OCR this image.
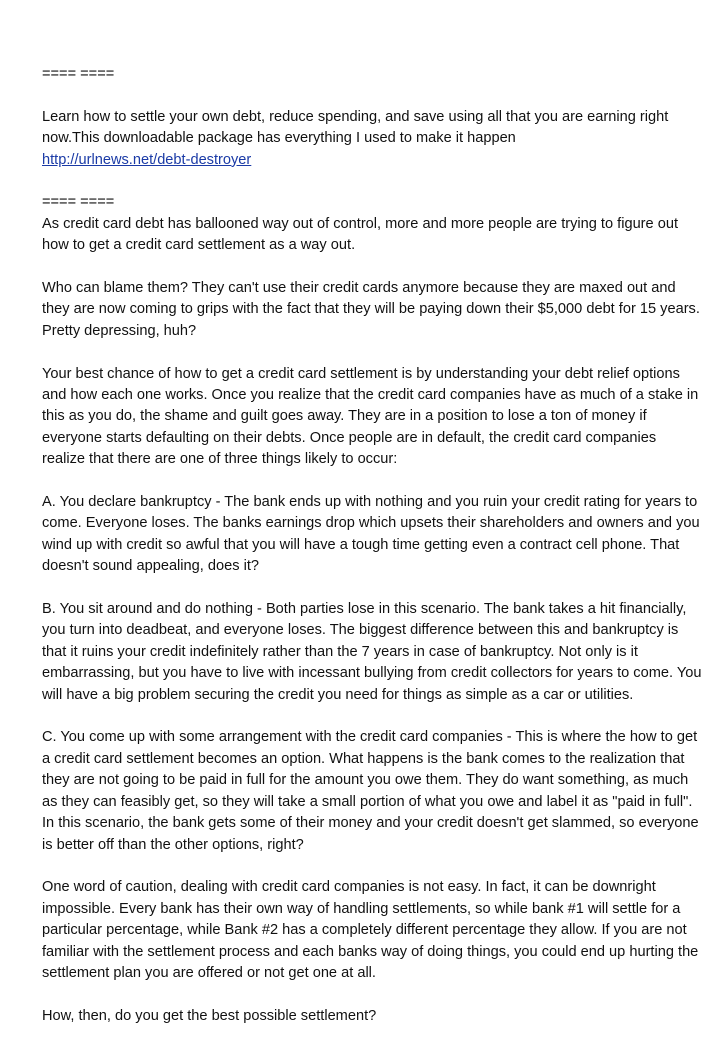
==== ====

Learn how to settle your own debt, reduce spending, and save using all that you are earning right now.This downloadable package has everything I used to make it happen
http://urlnews.net/debt-destroyer

==== ====
As credit card debt has ballooned way out of control, more and more people are trying to figure out how to get a credit card settlement as a way out.

Who can blame them? They can't use their credit cards anymore because they are maxed out and they are now coming to grips with the fact that they will be paying down their $5,000 debt for 15 years. Pretty depressing, huh?

Your best chance of how to get a credit card settlement is by understanding your debt relief options and how each one works. Once you realize that the credit card companies have as much of a stake in this as you do, the shame and guilt goes away. They are in a position to lose a ton of money if everyone starts defaulting on their debts. Once people are in default, the credit card companies realize that there are one of three things likely to occur:

A. You declare bankruptcy - The bank ends up with nothing and you ruin your credit rating for years to come. Everyone loses. The banks earnings drop which upsets their shareholders and owners and you wind up with credit so awful that you will have a tough time getting even a contract cell phone. That doesn't sound appealing, does it?

B. You sit around and do nothing - Both parties lose in this scenario. The bank takes a hit financially, you turn into deadbeat, and everyone loses. The biggest difference between this and bankruptcy is that it ruins your credit indefinitely rather than the 7 years in case of bankruptcy. Not only is it embarrassing, but you have to live with incessant bullying from credit collectors for years to come. You will have a big problem securing the credit you need for things as simple as a car or utilities.

C. You come up with some arrangement with the credit card companies - This is where the how to get a credit card settlement becomes an option. What happens is the bank comes to the realization that they are not going to be paid in full for the amount you owe them. They do want something, as much as they can feasibly get, so they will take a small portion of what you owe and label it as "paid in full". In this scenario, the bank gets some of their money and your credit doesn't get slammed, so everyone is better off than the other options, right?

One word of caution, dealing with credit card companies is not easy. In fact, it can be downright impossible. Every bank has their own way of handling settlements, so while bank #1 will settle for a particular percentage, while Bank #2 has a completely different percentage they allow. If you are not familiar with the settlement process and each banks way of doing things, you could end up hurting the settlement plan you are offered or not get one at all.

How, then, do you get the best possible settlement?
